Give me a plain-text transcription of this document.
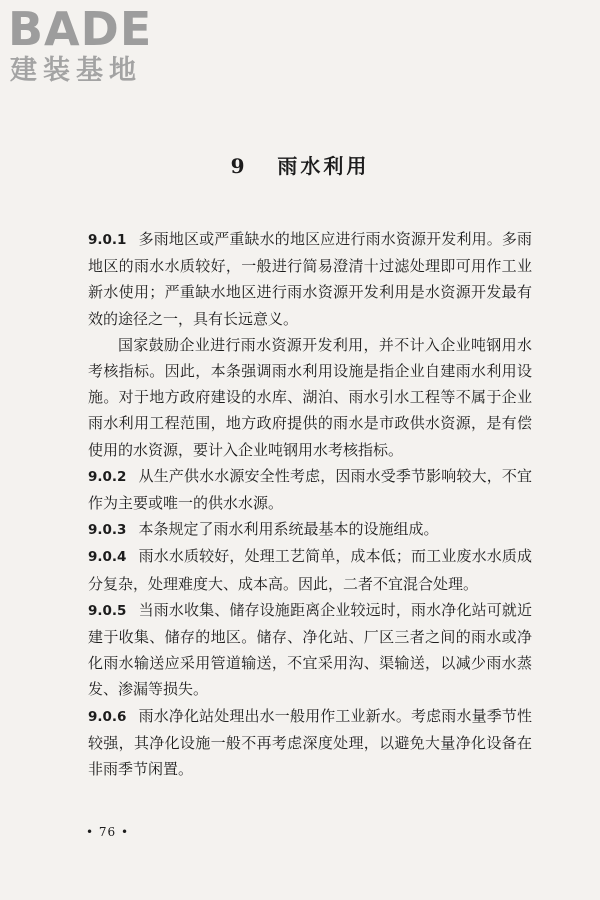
BADE
建装基地
9 雨水利用

9.0.1 多雨地区或严重缺水的地区应进行雨水资源开发利用。多雨地区的雨水水质较好，一般进行简易澄清十过滤处理即可用作工业新水使用；严重缺水地区进行雨水资源开发利用是水资源开发最有效的途径之一，具有长远意义。

国家鼓励企业进行雨水资源开发利用，并不计入企业吨钢用水考核指标。因此，本条强调雨水利用设施是指企业自建雨水利用设施。对于地方政府建设的水库、湖泊、雨水引水工程等不属于企业雨水利用工程范围，地方政府提供的雨水是市政供水资源，是有偿使用的水资源，要计入企业吨钢用水考核指标。

9.0.2 从生产供水水源安全性考虑，因雨水受季节影响较大，不宜作为主要或唯一的供水水源。

9.0.3 本条规定了雨水利用系统最基本的设施组成。

9.0.4 雨水水质较好，处理工艺简单，成本低；而工业废水水质成分复杂，处理难度大、成本高。因此，二者不宜混合处理。

9.0.5 当雨水收集、储存设施距离企业较远时，雨水净化站可就近建于收集、储存的地区。储存、净化站、厂区三者之间的雨水或净化雨水输送应采用管道输送，不宜采用沟、渠输送，以减少雨水蒸发、渗漏等损失。

9.0.6 雨水净化站处理出水一般用作工业新水。考虑雨水量季节性较强，其净化设施一般不再考虑深度处理，以避免大量净化设备在非雨季节闲置。

• 76 •
